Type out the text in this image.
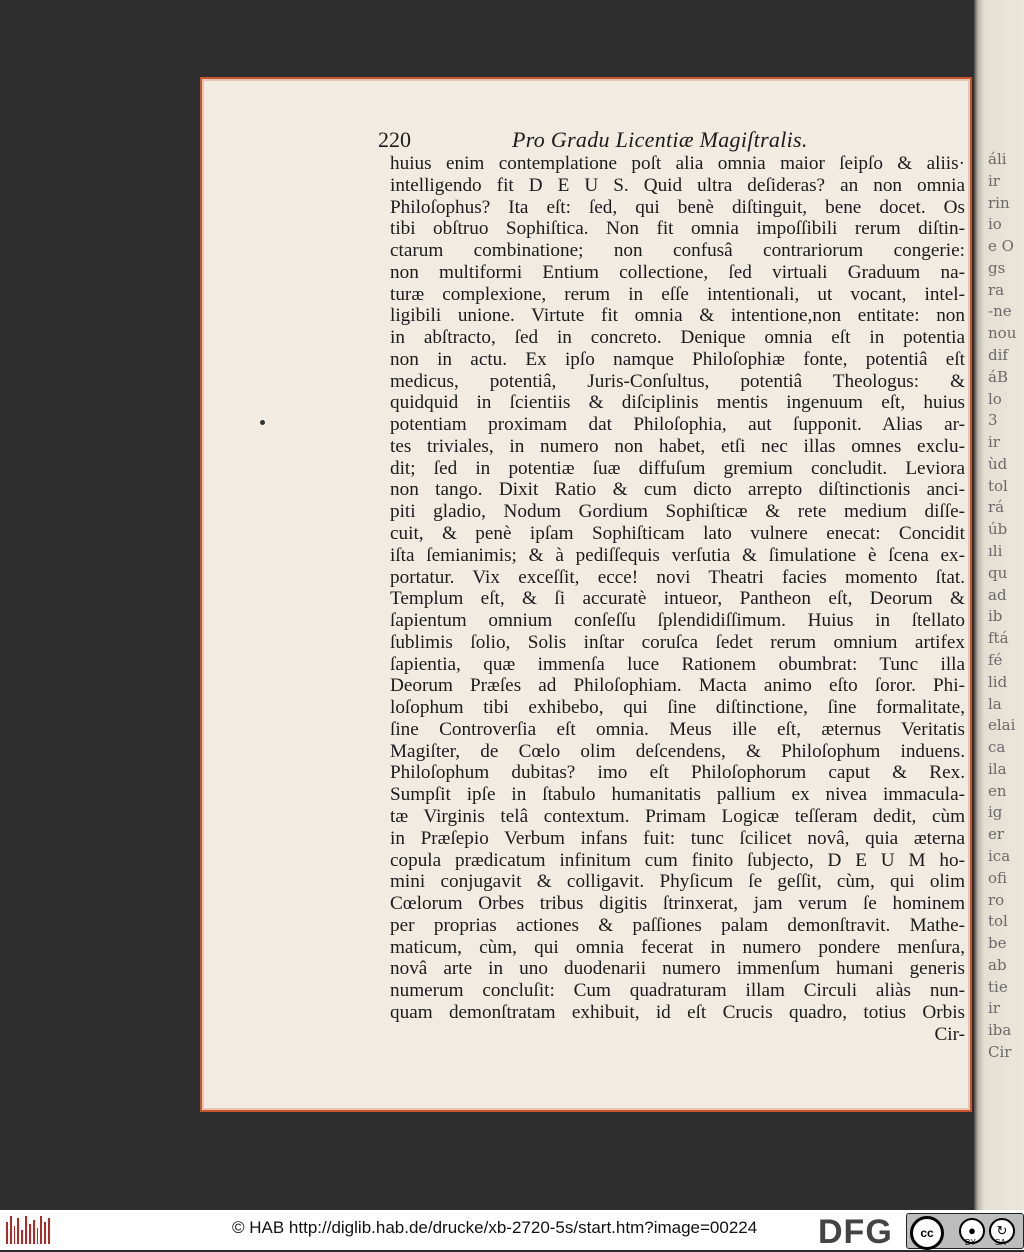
áli
ir
rin
io
e O
gs
ra
-ne
nou
dif
áB
lo
3
ir
ùd
tol
rá
úb
ıli
qu
ad
ib
ftá
fé
lid
la
elai
ca
ila
en
ig
er
ica
ofi
ro
tol
be
ab
tie
ir
iba
Cir
220	Pro Gradu Licentiæ Magiſtralis.
huius enim contemplatione poſt alia omnia maior ſeipſo & aliis·
intelligendo fit D E U S. Quid ultra deſideras? an non omnia
Philoſophus? Ita eſt: ſed, qui benè diſtinguit, bene docet. Os
tibi obſtruo Sophiſtica. Non fit omnia impoſſibili rerum diſtin-
ctarum combinatione; non confusâ contrariorum congerie:
non multiformi Entium collectione, ſed virtuali Graduum na-
turæ complexione, rerum in eſſe intentionali, ut vocant, intel-
ligibili unione. Virtute fit omnia & intentione,non entitate: non
in abſtracto, ſed in concreto. Denique omnia eſt in potentia
non in actu. Ex ipſo namque Philoſophiæ fonte, potentiâ eſt
medicus, potentiâ, Juris-Conſultus, potentiâ Theologus: &
quidquid in ſcientiis & diſciplinis mentis ingenuum eſt, huius
potentiam proximam dat Philoſophia, aut ſupponit. Alias ar-
tes triviales, in numero non habet, etſi nec illas omnes exclu-
dit; ſed in potentiæ ſuæ diffuſum gremium concludit. Leviora
non tango. Dixit Ratio & cum dicto arrepto diſtinctionis anci-
piti gladio, Nodum Gordium Sophiſticæ & rete medium diſſe-
cuit, & penè ipſam Sophiſticam lato vulnere enecat: Concidit
iſta ſemianimis; & à pediſſequis verſutia & ſimulatione è ſcena ex-
portatur. Vix exceſſit, ecce! novi Theatri facies momento ſtat.
Templum eſt, & ſi accuratè intueor, Pantheon eſt, Deorum &
ſapientum omnium conſeſſu ſplendidiſſimum. Huius in ſtellato
ſublimis ſolio, Solis inſtar coruſca ſedet rerum omnium artifex
ſapientia, quæ immenſa luce Rationem obumbrat: Tunc illa
Deorum Præſes ad Philoſophiam. Macta animo eſto ſoror. Phi-
loſophum tibi exhibebo, qui ſine diſtinctione, ſine formalitate,
ſine Controverſia eſt omnia. Meus ille eſt, æternus Veritatis
Magiſter, de Cœlo olim deſcendens, & Philoſophum induens.
Philoſophum dubitas? imo eſt Philoſophorum caput & Rex.
Sumpſit ipſe in ſtabulo humanitatis pallium ex nivea immacula-
tæ Virginis telâ contextum. Primam Logicæ teſſeram dedit, cùm
in Præſepio Verbum infans fuit: tunc ſcilicet novâ, quia æterna
copula prædicatum infinitum cum finito ſubjecto, D E U M ho-
mini conjugavit & colligavit. Phyſicum ſe geſſit, cùm, qui olim
Cœlorum Orbes tribus digitis ſtrinxerat, jam verum ſe hominem
per proprias actiones & paſſiones palam demonſtravit. Mathe-
maticum, cùm, qui omnia fecerat in numero pondere menſura,
novâ arte in uno duodenarii numero immenſum humani generis
numerum concluſit: Cum quadraturam illam Circuli aliàs nun-
quam demonſtratam exhibuit, id eſt Crucis quadro, totius Orbis
Cir-
© HAB http://diglib.hab.de/drucke/xb-2720-5s/start.htm?image=00224 DFG	cc	●	↻
BY SA
